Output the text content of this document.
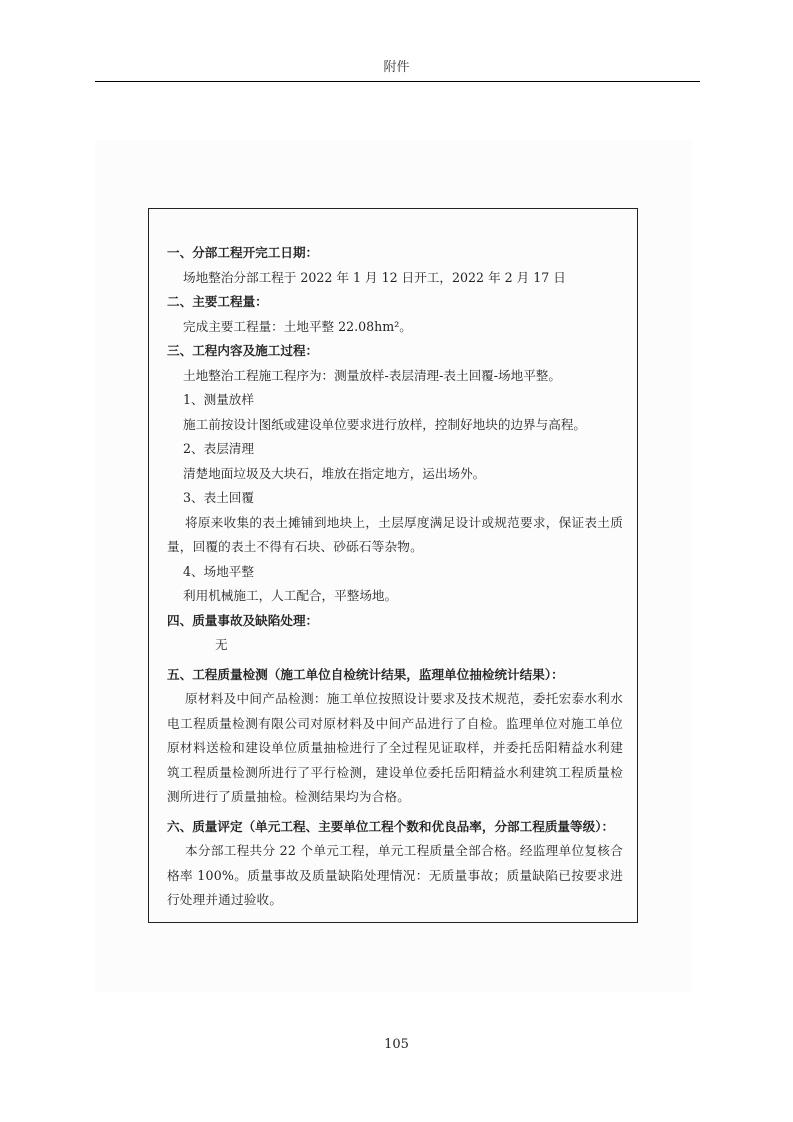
附件
一、分部工程开完工日期：
场地整治分部工程于 2022 年 1 月 12 日开工，2022 年 2 月 17 日
二、主要工程量：
完成主要工程量：土地平整 22.08hm²。
三、工程内容及施工过程：
土地整治工程施工程序为：测量放样-表层清理-表土回覆-场地平整。
1、测量放样
施工前按设计图纸或建设单位要求进行放样，控制好地块的边界与高程。
2、表层清理
清楚地面垃圾及大块石，堆放在指定地方，运出场外。
3、表土回覆
将原来收集的表土摊铺到地块上，土层厚度满足设计或规范要求，保证表土质量，回覆的表土不得有石块、砂砾石等杂物。
4、场地平整
利用机械施工，人工配合，平整场地。
四、质量事故及缺陷处理：
无
五、工程质量检测（施工单位自检统计结果，监理单位抽检统计结果）：
原材料及中间产品检测：施工单位按照设计要求及技术规范，委托宏泰水利水电工程质量检测有限公司对原材料及中间产品进行了自检。监理单位对施工单位原材料送检和建设单位质量抽检进行了全过程见证取样，并委托岳阳精益水利建筑工程质量检测所进行了平行检测，建设单位委托岳阳精益水利建筑工程质量检测所进行了质量抽检。检测结果均为合格。
六、质量评定（单元工程、主要单位工程个数和优良品率，分部工程质量等级）：
本分部工程共分 22 个单元工程，单元工程质量全部合格。经监理单位复核合格率 100%。质量事故及质量缺陷处理情况：无质量事故；质量缺陷已按要求进行处理并通过验收。
105
